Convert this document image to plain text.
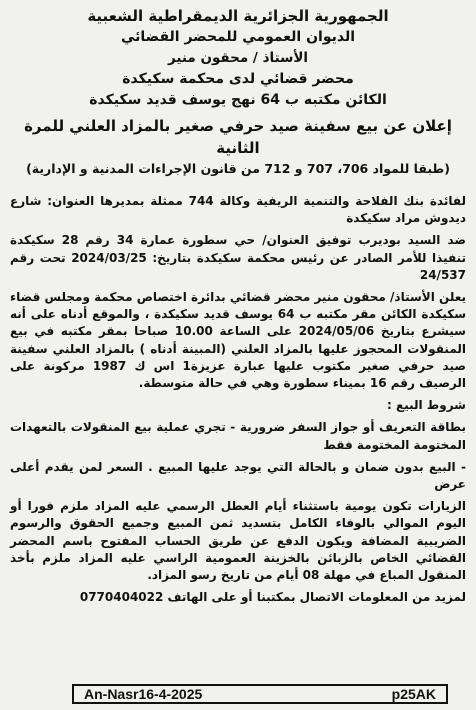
الجمهورية الجزائرية الديمقراطية الشعبية
الديوان العمومي للمحضر القضائي
الأستاذ / محقون منير
محضر قضائي لدى محكمة سكيكدة
الكائن مكتبه ب 64 نهج يوسف قديد سكيكدة
إعلان عن بيع سفينة صيد حرفي صغير بالمزاد العلني للمرة الثانية
(طبقا للمواد 706، 707 و 712 من قانون الإجراءات المدنية و الإدارية)

لفائدة بنك الفلاحة والتنمية الريفية وكالة 744 ممثلة بمديرها العنوان: شارع ديدوش مراد سكيكدة

ضد السيد بوديرب توفيق العنوان/ حي سطورة عمارة 34 رقم 28 سكيكدة تنفيذا للأمر الصادر عن رئيس محكمة سكيكدة بتاريخ: 2024/03/25 تحت رقم 24/537

يعلن الأستاذ/ محقون منير محضر قضائي بدائرة اختصاص محكمة ومجلس قضاء سكيكدة الكائن مقر مكتبه ب 64 يوسف قديد سكيكدة ، والموقع أدناه على أنه سيشرع بتاريخ 2024/05/06 على الساعة 10.00 صباحا بمقر مكتبه في بيع المنقولات المحجوز عليها بالمزاد العلني (المبينة أدناه ) بالمزاد العلني سفينة صيد حرفي صغير مكتوب عليها عبارة عزيزة1 اس ك 1987 مركونة على الرصيف رقم 16 بميناء سطورة وهي في حالة متوسطة.

شروط البيع :

بطاقة التعريف أو جواز السفر ضرورية - تجري عملية بيع المنقولات بالتعهدات المختومة المختومة فقط

- البيع بدون ضمان و بالحالة التي يوجد عليها المبيع . السعر لمن يقدم أعلى عرض

الزيارات تكون يومية باستثناء أيام العطل الرسمي عليه المزاد ملزم فورا أو اليوم الموالي بالوفاء الكامل بتسديد ثمن المبيع وجميع الحقوق والرسوم الضريبية المضافة ويكون الدفع عن طريق الحساب المفتوح باسم المحضر القضائي الخاص بالزبائن بالخزينة العمومية الراسي عليه المزاد ملزم بأخذ المنقول المباع في مهلة 08 أيام من تاريخ رسو المزاد.

لمزيد من المعلومات الاتصال بمكتبنا أو على الهاتف 0770404022
An-Nasr16-4-2025	p25AK
